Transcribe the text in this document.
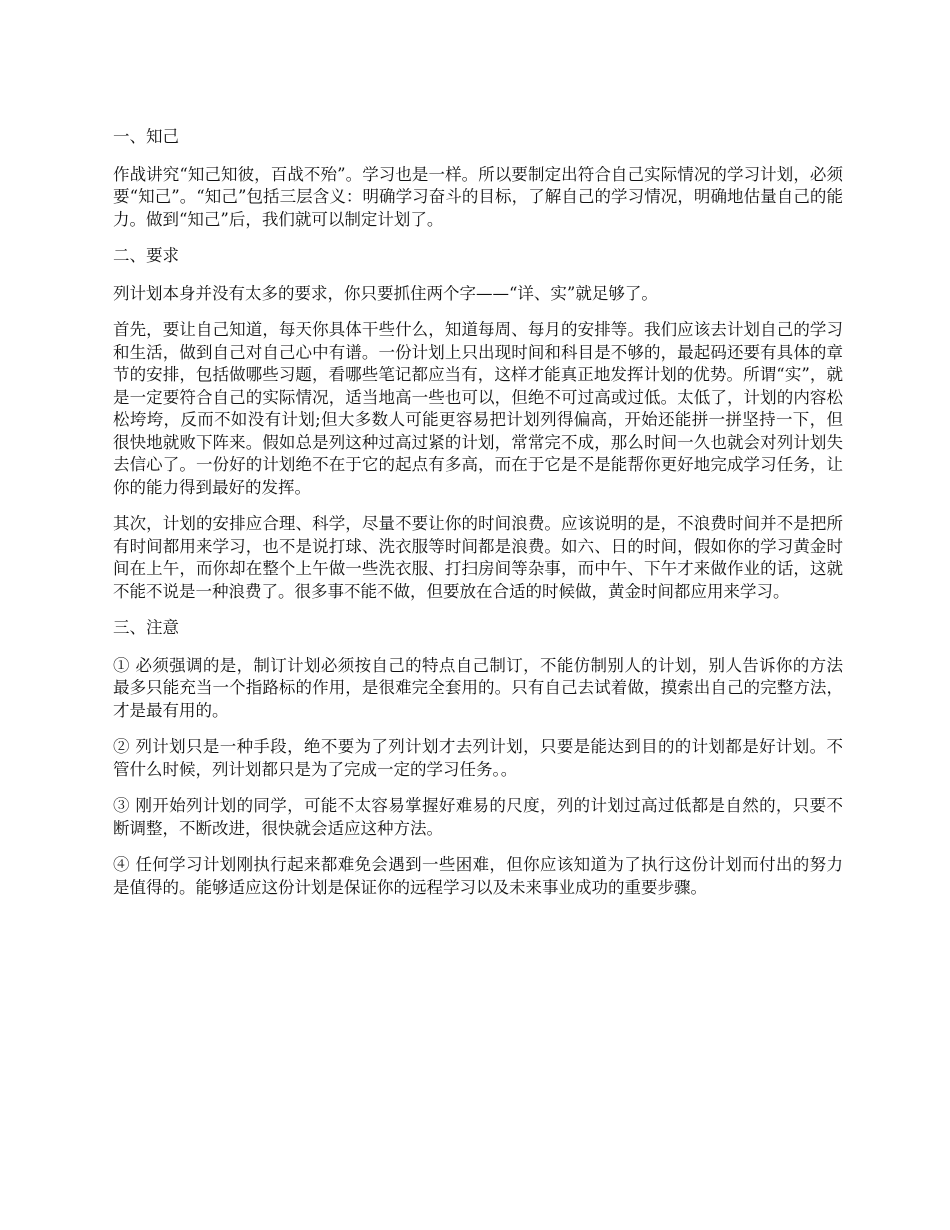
一、知己

作战讲究“知己知彼，百战不殆”。学习也是一样。所以要制定出符合自己实际情况的学习计划，必须要“知己”。“知己”包括三层含义：明确学习奋斗的目标，了解自己的学习情况，明确地估量自己的能力。做到“知己”后，我们就可以制定计划了。

二、要求

列计划本身并没有太多的要求，你只要抓住两个字——“详、实”就足够了。

首先，要让自己知道，每天你具体干些什么，知道每周、每月的安排等。我们应该去计划自己的学习和生活，做到自己对自己心中有谱。一份计划上只出现时间和科目是不够的，最起码还要有具体的章节的安排，包括做哪些习题，看哪些笔记都应当有，这样才能真正地发挥计划的优势。所谓“实”，就是一定要符合自己的实际情况，适当地高一些也可以，但绝不可过高或过低。太低了，计划的内容松松垮垮，反而不如没有计划;但大多数人可能更容易把计划列得偏高，开始还能拼一拼坚持一下，但很快地就败下阵来。假如总是列这种过高过紧的计划，常常完不成，那么时间一久也就会对列计划失去信心了。一份好的计划绝不在于它的起点有多高，而在于它是不是能帮你更好地完成学习任务，让你的能力得到最好的发挥。

其次，计划的安排应合理、科学，尽量不要让你的时间浪费。应该说明的是，不浪费时间并不是把所有时间都用来学习，也不是说打球、洗衣服等时间都是浪费。如六、日的时间，假如你的学习黄金时间在上午，而你却在整个上午做一些洗衣服、打扫房间等杂事，而中午、下午才来做作业的话，这就不能不说是一种浪费了。很多事不能不做，但要放在合适的时候做，黄金时间都应用来学习。

三、注意

① 必须强调的是，制订计划必须按自己的特点自己制订，不能仿制别人的计划，别人告诉你的方法最多只能充当一个指路标的作用，是很难完全套用的。只有自己去试着做，摸索出自己的完整方法，才是最有用的。

② 列计划只是一种手段，绝不要为了列计划才去列计划，只要是能达到目的的计划都是好计划。不管什么时候，列计划都只是为了完成一定的学习任务。。

③ 刚开始列计划的同学，可能不太容易掌握好难易的尺度，列的计划过高过低都是自然的，只要不断调整，不断改进，很快就会适应这种方法。

④ 任何学习计划刚执行起来都难免会遇到一些困难，但你应该知道为了执行这份计划而付出的努力是值得的。能够适应这份计划是保证你的远程学习以及未来事业成功的重要步骤。
